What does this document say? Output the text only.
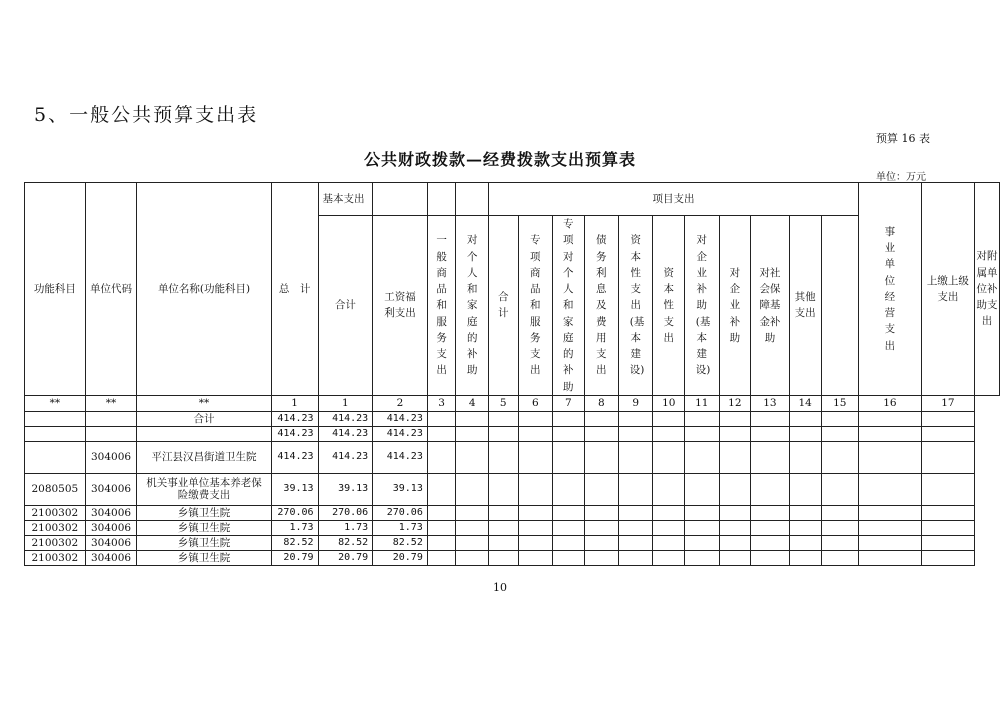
5、一般公共预算支出表
预算 16 表
公共财政拨款—经费拨款支出预算表
单位：万元
功能科目	单位代码	单位名称(功能科目)	总　计	基本支出				项目支出											事业单位经营支出	上缴上级支出	对附属单位补助支出
				合计	工资福利支出	一般商品和服务支出	对个人和家庭的补助	合计	专项商品和服务支出	专项对个人和家庭的补助	债务利息及费用支出	资本性支出(基本建设)	资本性支出	对企业补助(基本建设)	对企业补助	对社会保障基金补助	其他支出				
**	**	**	1	1	2	3	4	5	6	7	8	9	10	11	12	13	14	15	16	17	
		合计	414.23	414.23	414.23																
			414.23	414.23	414.23																
	304006	平江县汉昌街道卫生院	414.23	414.23	414.23																
2080505	304006	机关事业单位基本养老保险缴费支出	39.13	39.13	39.13																
2100302	304006	乡镇卫生院	270.06	270.06	270.06																
2100302	304006	乡镇卫生院	1.73	1.73	1.73																
2100302	304006	乡镇卫生院	82.52	82.52	82.52																
2100302	304006	乡镇卫生院	20.79	20.79	20.79																
10
